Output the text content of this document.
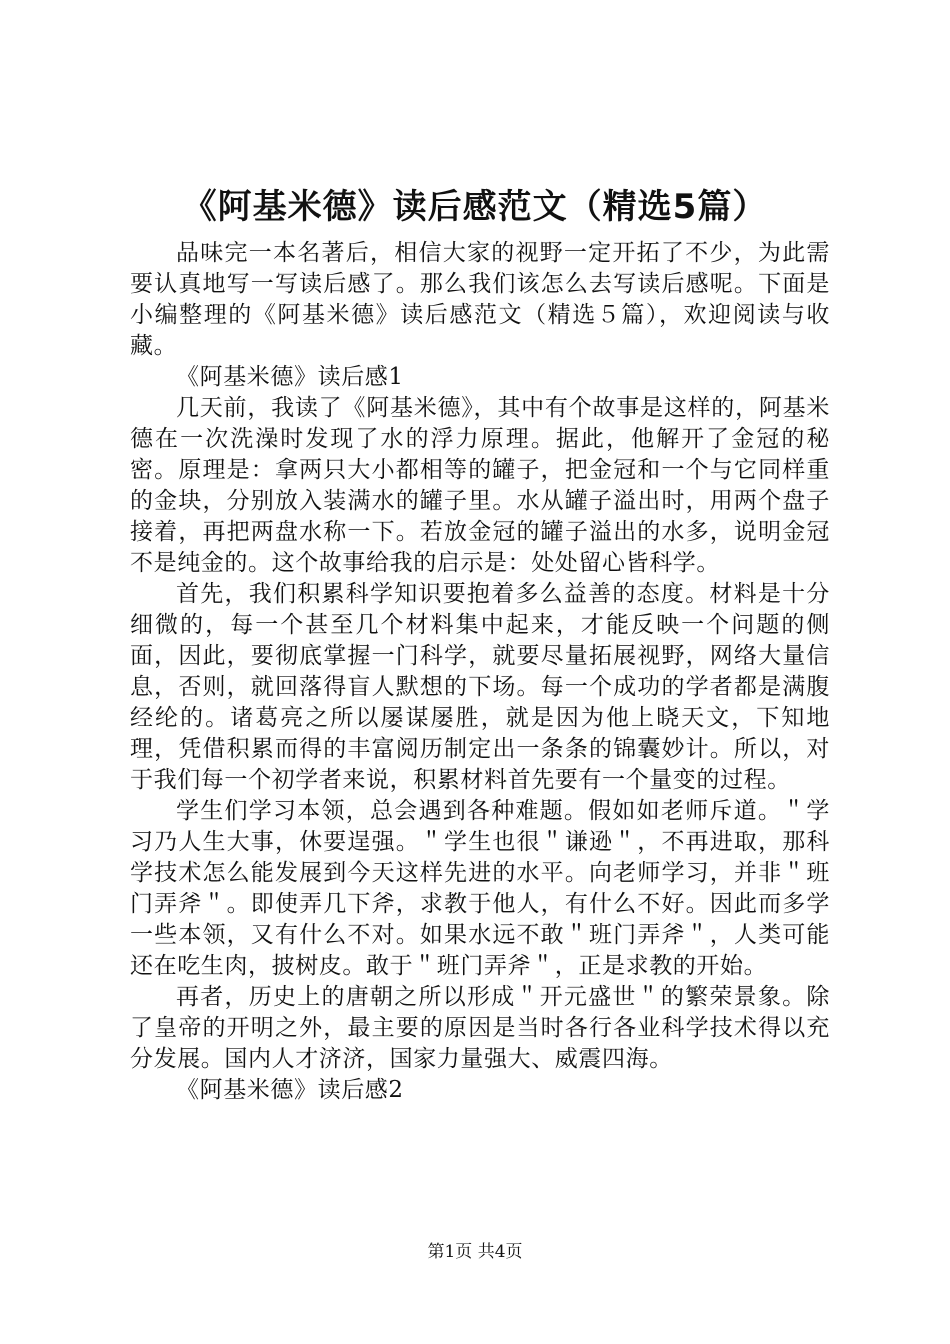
《阿基米德》读后感范文（精选5篇）

品味完一本名著后，相信大家的视野一定开拓了不少，为此需要认真地写一写读后感了。那么我们该怎么去写读后感呢。下面是小编整理的《阿基米德》读后感范文（精选５篇），欢迎阅读与收藏。

《阿基米德》读后感1

几天前，我读了《阿基米德》，其中有个故事是这样的，阿基米德在一次洗澡时发现了水的浮力原理。据此，他解开了金冠的秘密。原理是：拿两只大小都相等的罐子，把金冠和一个与它同样重的金块，分别放入装满水的罐子里。水从罐子溢出时，用两个盘子接着，再把两盘水称一下。若放金冠的罐子溢出的水多，说明金冠不是纯金的。这个故事给我的启示是：处处留心皆科学。

首先，我们积累科学知识要抱着多么益善的态度。材料是十分细微的，每一个甚至几个材料集中起来，才能反映一个问题的侧面，因此，要彻底掌握一门科学，就要尽量拓展视野，网络大量信息，否则，就回落得盲人默想的下场。每一个成功的学者都是满腹经纶的。诸葛亮之所以屡谋屡胜，就是因为他上晓天文，下知地理，凭借积累而得的丰富阅历制定出一条条的锦囊妙计。所以，对于我们每一个初学者来说，积累材料首先要有一个量变的过程。

学生们学习本领，总会遇到各种难题。假如如老师斥道。＂学习乃人生大事，休要逞强。＂学生也很＂谦逊＂，不再进取，那科学技术怎么能发展到今天这样先进的水平。向老师学习，并非＂班门弄斧＂。即使弄几下斧，求教于他人，有什么不好。因此而多学一些本领，又有什么不对。如果水远不敢＂班门弄斧＂，人类可能还在吃生肉，披树皮。敢于＂班门弄斧＂，正是求教的开始。

再者，历史上的唐朝之所以形成＂开元盛世＂的繁荣景象。除了皇帝的开明之外，最主要的原因是当时各行各业科学技术得以充分发展。国内人才济济，国家力量强大、威震四海。

《阿基米德》读后感2

第1页 共4页
